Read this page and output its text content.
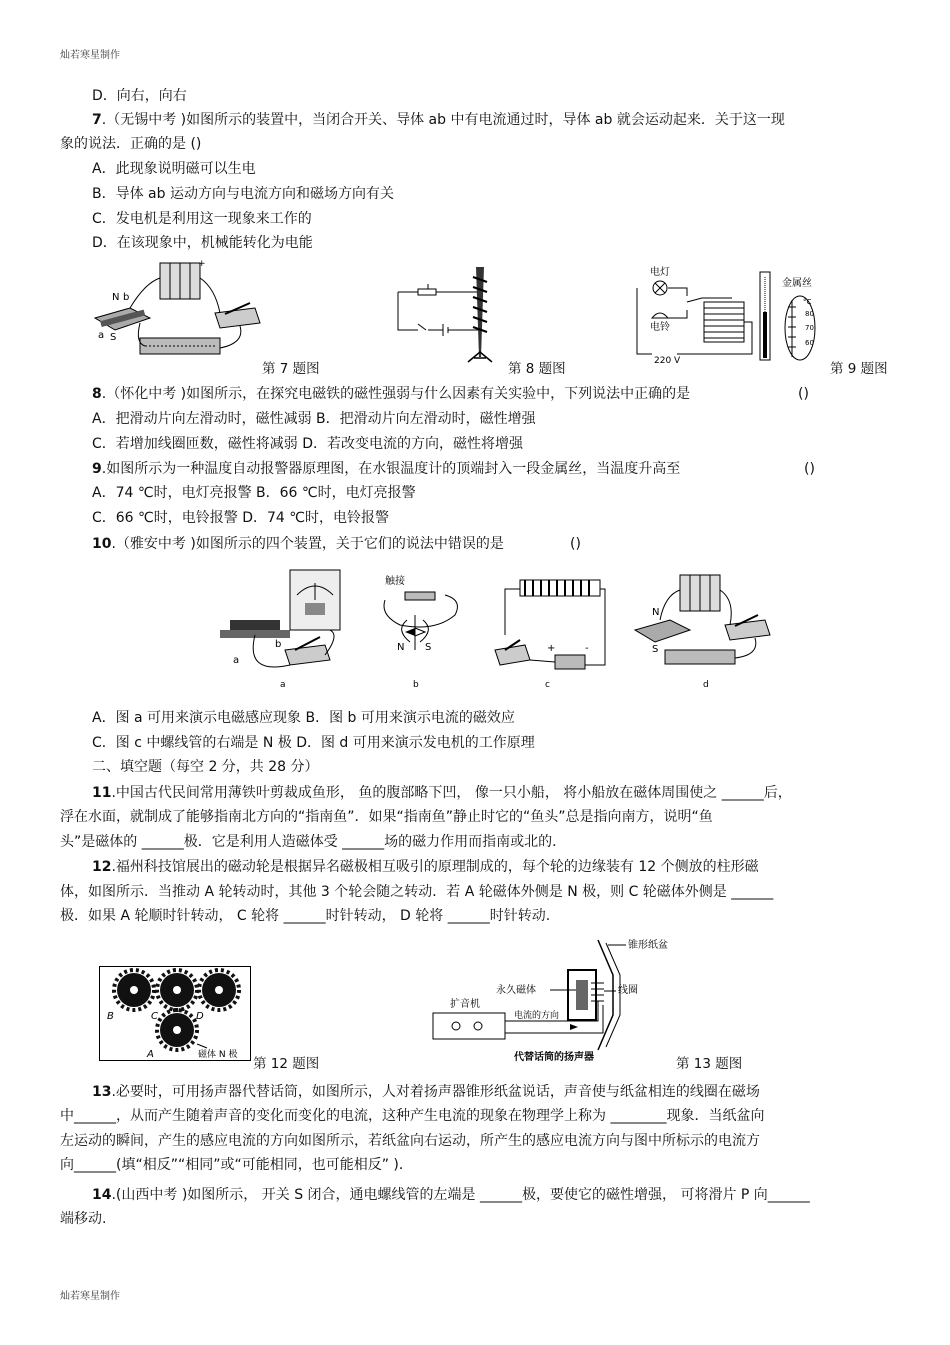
灿若寒星制作
D．向右，向右
7.（无锡中考 )如图所示的装置中，当闭合开关、导体 ab 中有电流通过时，导体 ab 就会运动起来．关于这一现
象的说法．正确的是 ()
A．此现象说明磁可以生电
B．导体 ab 运动方向与电流方向和磁场方向有关
C．发电机是利用这一现象来工作的
D．在该现象中，机械能转化为电能
+
N b
a S
第 7 题图	第 8 题图
电灯
电铃
220 V
金属丝
°C
80
70
60
第 9 题图
8.（怀化中考 )如图所示，在探究电磁铁的磁性强弱与什么因素有关实验中，下列说法中正确的是	()
A．把滑动片向左滑动时，磁性减弱 B．把滑动片向左滑动时，磁性增强
C．若增加线圈匝数，磁性将减弱 D．若改变电流的方向，磁性将增强
9.如图所示为一种温度自动报警器原理图，在水银温度计的顶端封入一段金属丝，当温度升高至	()
A．74 ℃时，电灯亮报警 B．66 ℃时，电灯亮报警
C．66 ℃时，电铃报警 D．74 ℃时，电铃报警
10.（雅安中考 )如图所示的四个装置，关于它们的说法中错误的是	()
b
a
a
触接
N S
b
+	-
c
N
S
d
A．图 a 可用来演示电磁感应现象 B．图 b 可用来演示电流的磁效应
C．图 c 中螺线管的右端是 N 极 D．图 d 可用来演示发电机的工作原理
二、填空题（每空 2 分，共 28 分）
11.中国古代民间常用薄铁叶剪裁成鱼形， 鱼的腹部略下凹， 像一只小船， 将小船放在磁体周围使之 ______后，
浮在水面，就制成了能够指南北方向的“指南鱼”．如果“指南鱼”静止时它的“鱼头”总是指向南方，说明“鱼
头”是磁体的 ______极．它是利用人造磁体受 ______场的磁力作用而指南或北的．
12.福州科技馆展出的磁动轮是根据异名磁极相互吸引的原理制成的，每个轮的边缘装有 12 个侧放的柱形磁
体，如图所示．当推动 A 轮转动时，其他 3 个轮会随之转动．若 A 轮磁体外侧是 N 极，则 C 轮磁体外侧是 ______
极．如果 A 轮顺时针转动， C 轮将 ______时针转动， D 轮将 ______时针转动.
B	C	D
A	磁体 N 极
第 12 题图
锥形纸盆
永久磁体	线圈
扩音机
电流的方向
代替话筒的扬声器	第 13 题图
13.必要时，可用扬声器代替话筒，如图所示，人对着扬声器锥形纸盆说话，声音使与纸盆相连的线圈在磁场
中______，从而产生随着声音的变化而变化的电流，这种产生电流的现象在物理学上称为 ________现象．当纸盆向
左运动的瞬间，产生的感应电流的方向如图所示，若纸盆向右运动，所产生的感应电流方向与图中所标示的电流方
向______(填“相反”“相同”或“可能相同，也可能相反” )．
14.(山西中考 )如图所示， 开关 S 闭合，通电螺线管的左端是 ______极，要使它的磁性增强， 可将滑片 P 向______
端移动.
灿若寒星制作
